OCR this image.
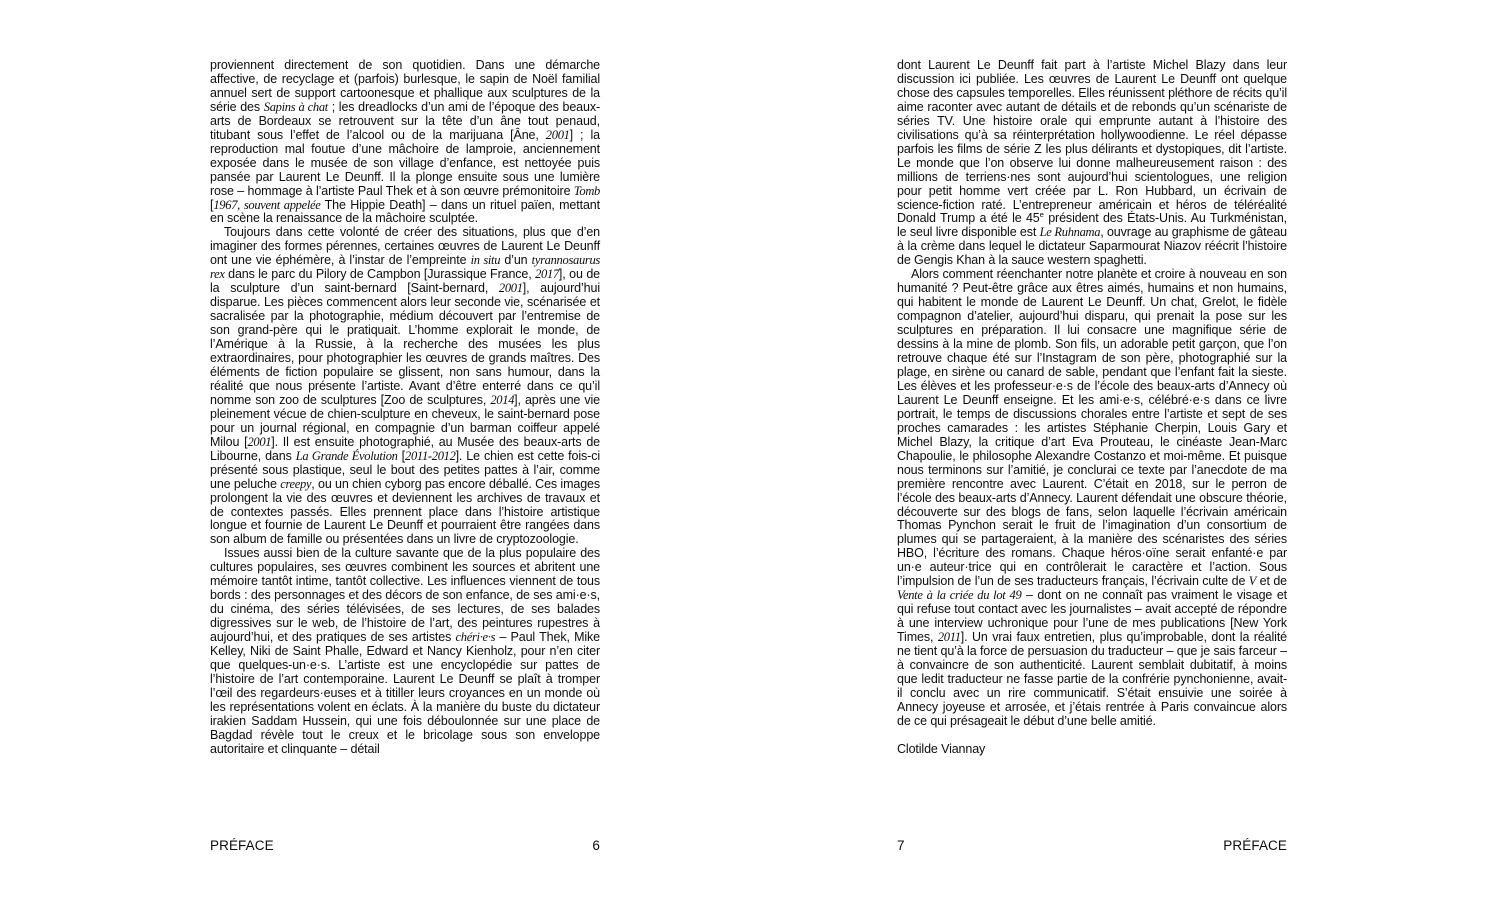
proviennent directement de son quotidien. Dans une démarche affective, de recyclage et (parfois) burlesque, le sapin de Noël familial annuel sert de support cartoonesque et phallique aux sculptures de la série des Sapins à chat ; les dreadlocks d’un ami de l’époque des beaux-arts de Bordeaux se retrouvent sur la tête d’un âne tout penaud, titubant sous l’effet de l’alcool ou de la marijuana [Âne, 2001] ; la reproduction mal foutue d’une mâchoire de lamproie, anciennement exposée dans le musée de son village d’enfance, est nettoyée puis pansée par Laurent Le Deunff. Il la plonge ensuite sous une lumière rose – hommage à l’artiste Paul Thek et à son œuvre prémonitoire Tomb [1967, souvent appelée The Hippie Death] – dans un rituel païen, mettant en scène la renaissance de la mâchoire sculptée.

Toujours dans cette volonté de créer des situations, plus que d’en imaginer des formes pérennes, certaines œuvres de Laurent Le Deunff ont une vie éphémère, à l’instar de l’empreinte in situ d’un tyrannosaurus rex dans le parc du Pilory de Campbon [Jurassique France, 2017], ou de la sculpture d’un saint-bernard [Saint-bernard, 2001], aujourd’hui disparue. Les pièces commencent alors leur seconde vie, scénarisée et sacralisée par la photographie, médium découvert par l’entremise de son grand-père qui le pratiquait. L’homme explorait le monde, de l’Amérique à la Russie, à la recherche des musées les plus extraordinaires, pour photographier les œuvres de grands maîtres. Des éléments de fiction populaire se glissent, non sans humour, dans la réalité que nous présente l’artiste. Avant d’être enterré dans ce qu’il nomme son zoo de sculptures [Zoo de sculptures, 2014], après une vie pleinement vécue de chien-sculpture en cheveux, le saint-bernard pose pour un journal régional, en compagnie d’un barman coiffeur appelé Milou [2001]. Il est ensuite photographié, au Musée des beaux-arts de Libourne, dans La Grande Évolution [2011-2012]. Le chien est cette fois-ci présenté sous plastique, seul le bout des petites pattes à l’air, comme une peluche creepy, ou un chien cyborg pas encore déballé. Ces images prolongent la vie des œuvres et deviennent les archives de travaux et de contextes passés. Elles prennent place dans l’histoire artistique longue et fournie de Laurent Le Deunff et pourraient être rangées dans son album de famille ou présentées dans un livre de cryptozoologie.

Issues aussi bien de la culture savante que de la plus populaire des cultures populaires, ses œuvres combinent les sources et abritent une mémoire tantôt intime, tantôt collective. Les influences viennent de tous bords : des personnages et des décors de son enfance, de ses ami·e·s, du cinéma, des séries télévisées, de ses lectures, de ses balades digressives sur le web, de l’histoire de l’art, des peintures rupestres à aujourd’hui, et des pratiques de ses artistes chéri·e·s – Paul Thek, Mike Kelley, Niki de Saint Phalle, Edward et Nancy Kienholz, pour n’en citer que quelques-un·e·s. L’artiste est une encyclopédie sur pattes de l’histoire de l’art contemporaine. Laurent Le Deunff se plaît à tromper l’œil des regardeurs·euses et à titiller leurs croyances en un monde où les représentations volent en éclats. À la manière du buste du dictateur irakien Saddam Hussein, qui une fois déboulonnée sur une place de Bagdad révèle tout le creux et le bricolage sous son enveloppe autoritaire et clinquante – détail

PRÉFACE	6

dont Laurent Le Deunff fait part à l’artiste Michel Blazy dans leur discussion ici publiée. Les œuvres de Laurent Le Deunff ont quelque chose des capsules temporelles. Elles réunissent pléthore de récits qu’il aime raconter avec autant de détails et de rebonds qu’un scénariste de séries TV. Une histoire orale qui emprunte autant à l’histoire des civilisations qu’à sa réinterprétation hollywoodienne. Le réel dépasse parfois les films de série Z les plus délirants et dystopiques, dit l’artiste. Le monde que l’on observe lui donne malheureusement raison : des millions de terriens·nes sont aujourd’hui scientologues, une religion pour petit homme vert créée par L. Ron Hubbard, un écrivain de science-fiction raté. L’entrepreneur américain et héros de téléréalité Donald Trump a été le 45e président des États-Unis. Au Turkménistan, le seul livre disponible est Le Ruhnama, ouvrage au graphisme de gâteau à la crème dans lequel le dictateur Saparmourat Niazov réécrit l’histoire de Gengis Khan à la sauce western spaghetti.

Alors comment réenchanter notre planète et croire à nouveau en son humanité ? Peut-être grâce aux êtres aimés, humains et non humains, qui habitent le monde de Laurent Le Deunff. Un chat, Grelot, le fidèle compagnon d’atelier, aujourd’hui disparu, qui prenait la pose sur les sculptures en préparation. Il lui consacre une magnifique série de dessins à la mine de plomb. Son fils, un adorable petit garçon, que l’on retrouve chaque été sur l’Instagram de son père, photographié sur la plage, en sirène ou canard de sable, pendant que l’enfant fait la sieste. Les élèves et les professeur·e·s de l’école des beaux-arts d’Annecy où Laurent Le Deunff enseigne. Et les ami·e·s, célébré·e·s dans ce livre portrait, le temps de discussions chorales entre l’artiste et sept de ses proches camarades : les artistes Stéphanie Cherpin, Louis Gary et Michel Blazy, la critique d’art Eva Prouteau, le cinéaste Jean-Marc Chapoulie, le philosophe Alexandre Costanzo et moi-même. Et puisque nous terminons sur l’amitié, je conclurai ce texte par l’anecdote de ma première rencontre avec Laurent. C’était en 2018, sur le perron de l’école des beaux-arts d’Annecy. Laurent défendait une obscure théorie, découverte sur des blogs de fans, selon laquelle l’écrivain américain Thomas Pynchon serait le fruit de l’imagination d’un consortium de plumes qui se partageraient, à la manière des scénaristes des séries HBO, l’écriture des romans. Chaque héros·oïne serait enfanté·e par un·e auteur·trice qui en contrôlerait le caractère et l’action. Sous l’impulsion de l’un de ses traducteurs français, l’écrivain culte de V et de Vente à la criée du lot 49 – dont on ne connaît pas vraiment le visage et qui refuse tout contact avec les journalistes – avait accepté de répondre à une interview uchronique pour l’une de mes publications [New York Times, 2011]. Un vrai faux entretien, plus qu’improbable, dont la réalité ne tient qu’à la force de persuasion du traducteur – que je sais farceur – à convaincre de son authenticité. Laurent semblait dubitatif, à moins que ledit traducteur ne fasse partie de la confrérie pynchonienne, avait-il conclu avec un rire communicatif. S’était ensuivie une soirée à Annecy joyeuse et arrosée, et j’étais rentrée à Paris convaincue alors de ce qui présageait le début d’une belle amitié.

Clotilde Viannay
7	PRÉFACE
